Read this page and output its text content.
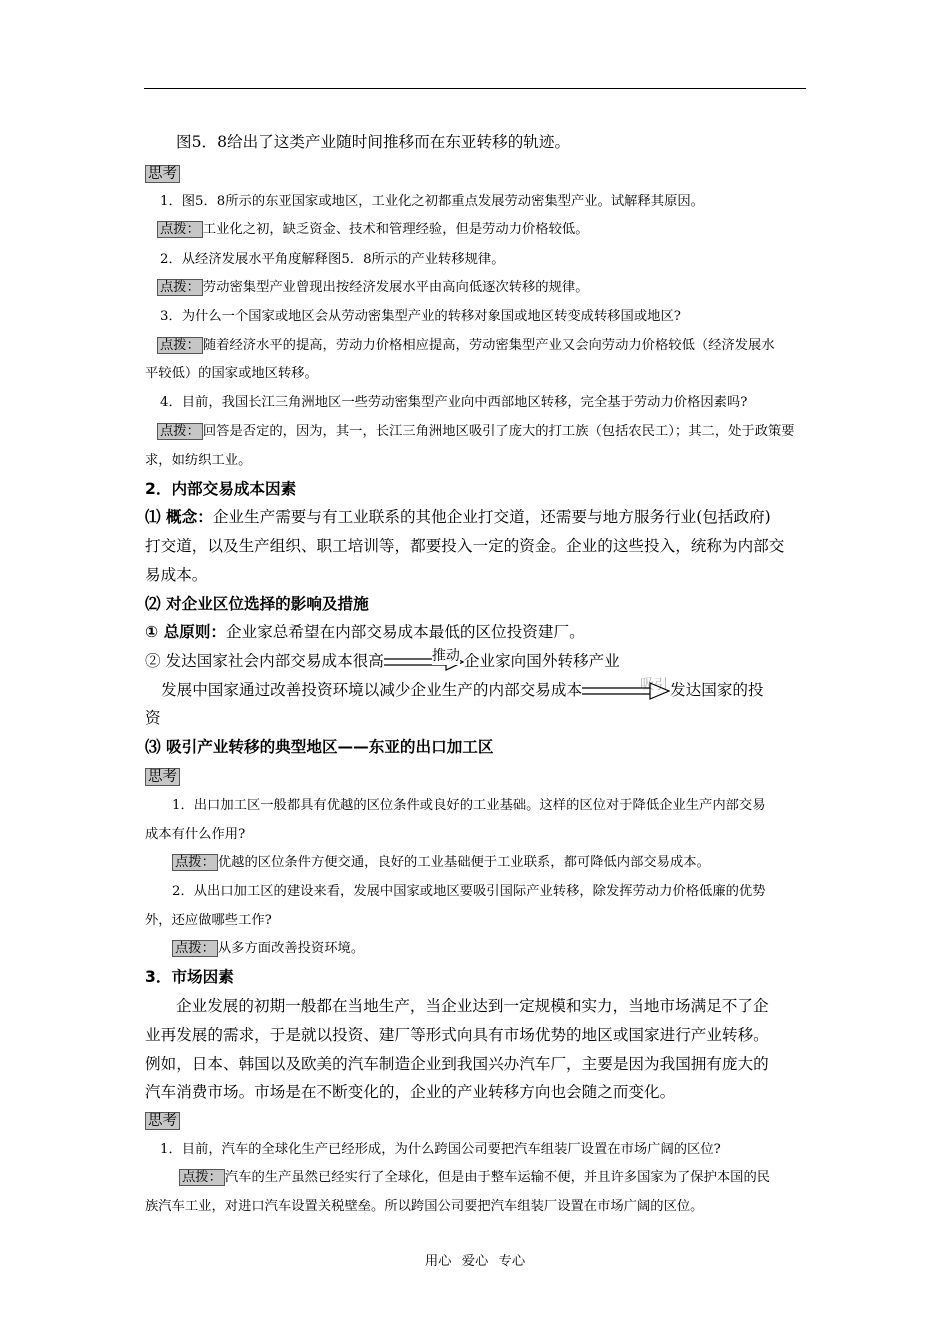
图5．8给出了这类产业随时间推移而在东亚转移的轨迹。
思考
1．图5．8所示的东亚国家或地区，工业化之初都重点发展劳动密集型产业。试解释其原因。
点拨： 工业化之初，缺乏资金、技术和管理经验，但是劳动力价格较低。
2．从经济发展水平角度解释图5．8所示的产业转移规律。
点拨： 劳动密集型产业曾现出按经济发展水平由高向低逐次转移的规律。
3．为什么一个国家或地区会从劳动密集型产业的转移对象国或地区转变成转移国或地区?
点拨： 随着经济水平的提高，劳动力价格相应提高，劳动密集型产业又会向劳动力价格较低（经济发展水
平较低）的国家或地区转移。
4．目前，我国长江三角洲地区一些劳动密集型产业向中西部地区转移，完全基于劳动力价格因素吗?
点拨： 回答是否定的，因为，其一，长江三角洲地区吸引了庞大的打工族（包括农民工）；其二，处于政策要
求，如纺织工业。
2．内部交易成本因素
⑴ 概念：企业生产需要与有工业联系的其他企业打交道，还需要与地方服务行业(包括政府)
打交道，以及生产组织、职工培训等，都要投入一定的资金。企业的这些投入，统称为内部交
易成本。
⑵ 对企业区位选择的影响及措施
① 总原则：企业家总希望在内部交易成本最低的区位投资建厂。
② 发达国家社会内部交易成本很高	推动 企业家向国外转移产业
发展中国家通过改善投资环境以减少企业生产的内部交易成本	吸引 发达国家的投
资
⑶ 吸引产业转移的典型地区——东亚的出口加工区
思考
1．出口加工区一般都具有优越的区位条件或良好的工业基础。这样的区位对于降低企业生产内部交易
成本有什么作用?
点拨： 优越的区位条件方便交通，良好的工业基础便于工业联系，都可降低内部交易成本。
2．从出口加工区的建设来看，发展中国家或地区要吸引国际产业转移，除发挥劳动力价格低廉的优势
外，还应做哪些工作?
点拨： 从多方面改善投资环境。
3．市场因素
企业发展的初期一般都在当地生产，当企业达到一定规模和实力，当地市场满足不了企
业再发展的需求，于是就以投资、建厂等形式向具有市场优势的地区或国家进行产业转移。
例如，日本、韩国以及欧美的汽车制造企业到我国兴办汽车厂，主要是因为我国拥有庞大的
汽车消费市场。市场是在不断变化的，企业的产业转移方向也会随之而变化。
思考
1．目前，汽车的全球化生产已经形成，为什么跨国公司要把汽车组装厂设置在市场广阔的区位?
点拨： 汽车的生产虽然已经实行了全球化，但是由于整车运输不便，并且许多国家为了保护本国的民
族汽车工业，对进口汽车设置关税壁垒。所以跨国公司要把汽车组装厂设置在市场广阔的区位。
用心 爱心 专心
